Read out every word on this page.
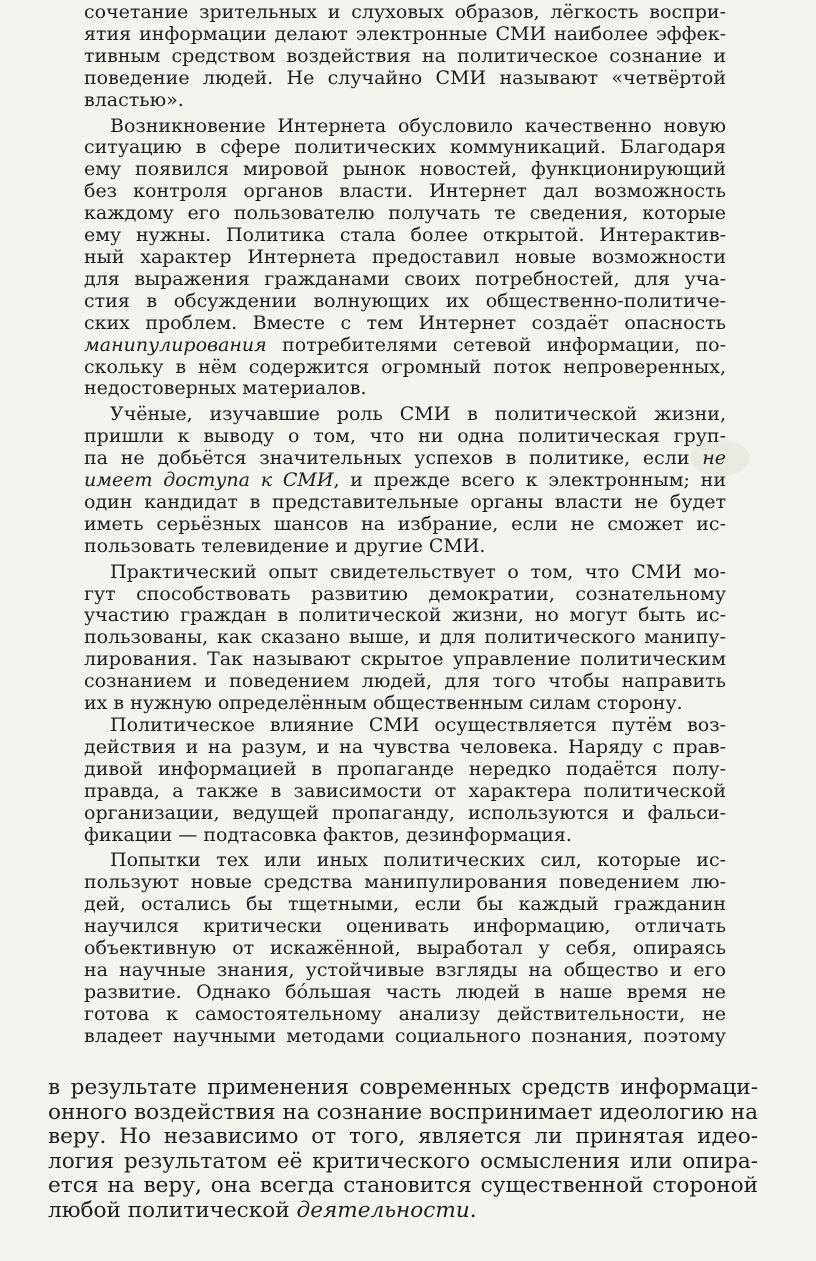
сочетание зрительных и слуховых образов, лёгкость воспри-
ятия информации делают электронные СМИ наиболее эффек-
тивным средством воздействия на политическое сознание и
поведение людей. Не случайно СМИ называют «четвёртой
властью».
Возникновение Интернета обусловило качественно новую
ситуацию в сфере политических коммуникаций. Благодаря
ему появился мировой рынок новостей, функционирующий
без контроля органов власти. Интернет дал возможность
каждому его пользователю получать те сведения, которые
ему нужны. Политика стала более открытой. Интерактив-
ный характер Интернета предоставил новые возможности
для выражения гражданами своих потребностей, для уча-
стия в обсуждении волнующих их общественно-политиче-
ских проблем. Вместе с тем Интернет создаёт опасность
манипулирования потребителями сетевой информации, по-
скольку в нём содержится огромный поток непроверенных,
недостоверных материалов.
Учёные, изучавшие роль СМИ в политической жизни,
пришли к выводу о том, что ни одна политическая груп-
па не добьётся значительных успехов в политике, если не
имеет доступа к СМИ, и прежде всего к электронным; ни
один кандидат в представительные органы власти не будет
иметь серьёзных шансов на избрание, если не сможет ис-
пользовать телевидение и другие СМИ.
Практический опыт свидетельствует о том, что СМИ мо-
гут способствовать развитию демократии, сознательному
участию граждан в политической жизни, но могут быть ис-
пользованы, как сказано выше, и для политического манипу-
лирования. Так называют скрытое управление политическим
сознанием и поведением людей, для того чтобы направить
их в нужную определённым общественным силам сторону.
Политическое влияние СМИ осуществляется путём воз-
действия и на разум, и на чувства человека. Наряду с прав-
дивой информацией в пропаганде нередко подаётся полу-
правда, а также в зависимости от характера политической
организации, ведущей пропаганду, используются и фальси-
фикации — подтасовка фактов, дезинформация.
Попытки тех или иных политических сил, которые ис-
пользуют новые средства манипулирования поведением лю-
дей, остались бы тщетными, если бы каждый гражданин
научился критически оценивать информацию, отличать
объективную от искажённой, выработал у себя, опираясь
на научные знания, устойчивые взгляды на общество и его
развитие. Однако бо́льшая часть людей в наше время не
готова к самостоятельному анализу действительности, не
владеет научными методами социального познания, поэтому
в результате применения современных средств информаци-
онного воздействия на сознание воспринимает идеологию на
веру. Но независимо от того, является ли принятая идео-
логия результатом её критического осмысления или опира-
ется на веру, она всегда становится существенной стороной
любой политической деятельности.
